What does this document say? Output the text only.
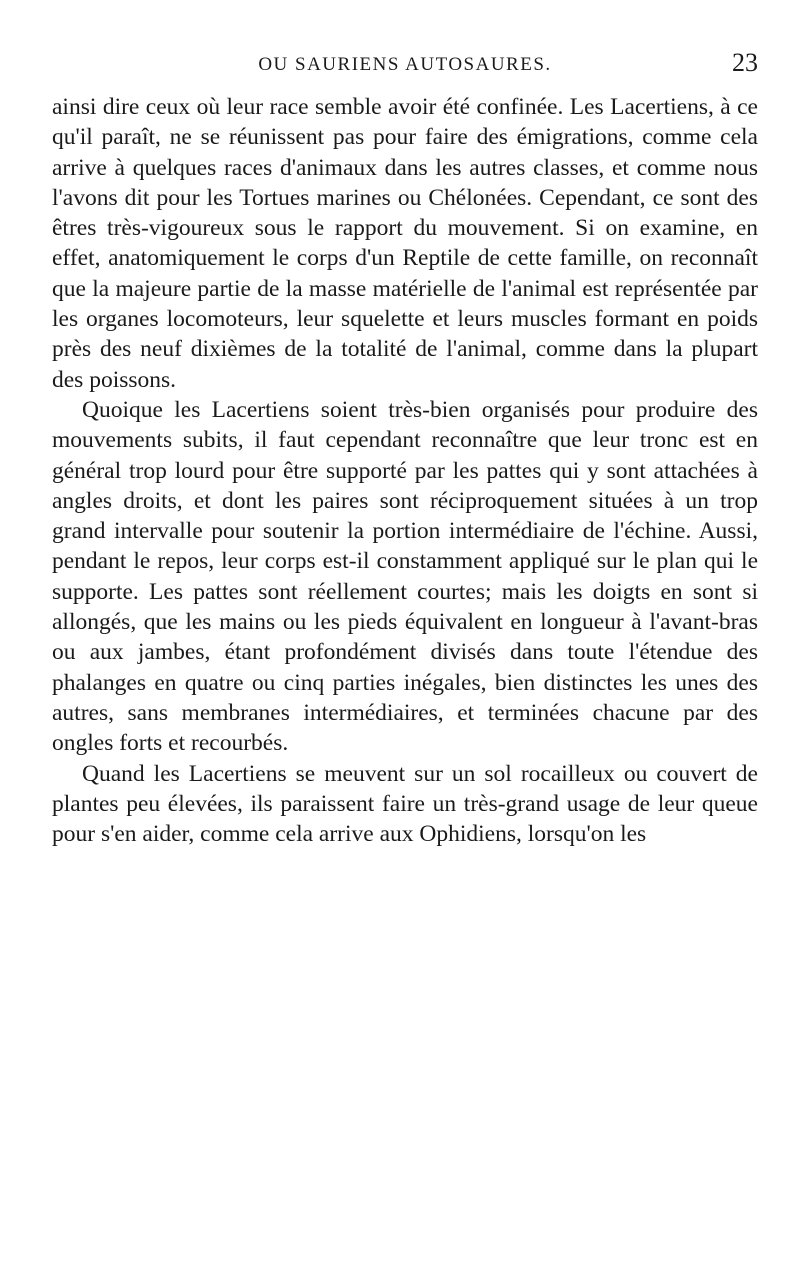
OU SAURIENS AUTOSAURES.	23

ainsi dire ceux où leur race semble avoir été confinée. Les Lacertiens, à ce qu'il paraît, ne se réunissent pas pour faire des émigrations, comme cela arrive à quelques races d'animaux dans les autres classes, et comme nous l'avons dit pour les Tortues marines ou Chélonées. Cependant, ce sont des êtres très-vigoureux sous le rapport du mouvement. Si on examine, en effet, anatomiquement le corps d'un Reptile de cette famille, on reconnaît que la majeure partie de la masse matérielle de l'animal est représentée par les organes locomoteurs, leur squelette et leurs muscles formant en poids près des neuf dixièmes de la totalité de l'animal, comme dans la plupart des poissons.

Quoique les Lacertiens soient très-bien organisés pour produire des mouvements subits, il faut cependant reconnaître que leur tronc est en général trop lourd pour être supporté par les pattes qui y sont attachées à angles droits, et dont les paires sont réciproquement situées à un trop grand intervalle pour soutenir la portion intermédiaire de l'échine. Aussi, pendant le repos, leur corps est-il constamment appliqué sur le plan qui le supporte. Les pattes sont réellement courtes; mais les doigts en sont si allongés, que les mains ou les pieds équivalent en longueur à l'avant-bras ou aux jambes, étant profondément divisés dans toute l'étendue des phalanges en quatre ou cinq parties inégales, bien distinctes les unes des autres, sans membranes intermédiaires, et terminées chacune par des ongles forts et recourbés.

Quand les Lacertiens se meuvent sur un sol rocailleux ou couvert de plantes peu élevées, ils paraissent faire un très-grand usage de leur queue pour s'en aider, comme cela arrive aux Ophidiens, lorsqu'on les
